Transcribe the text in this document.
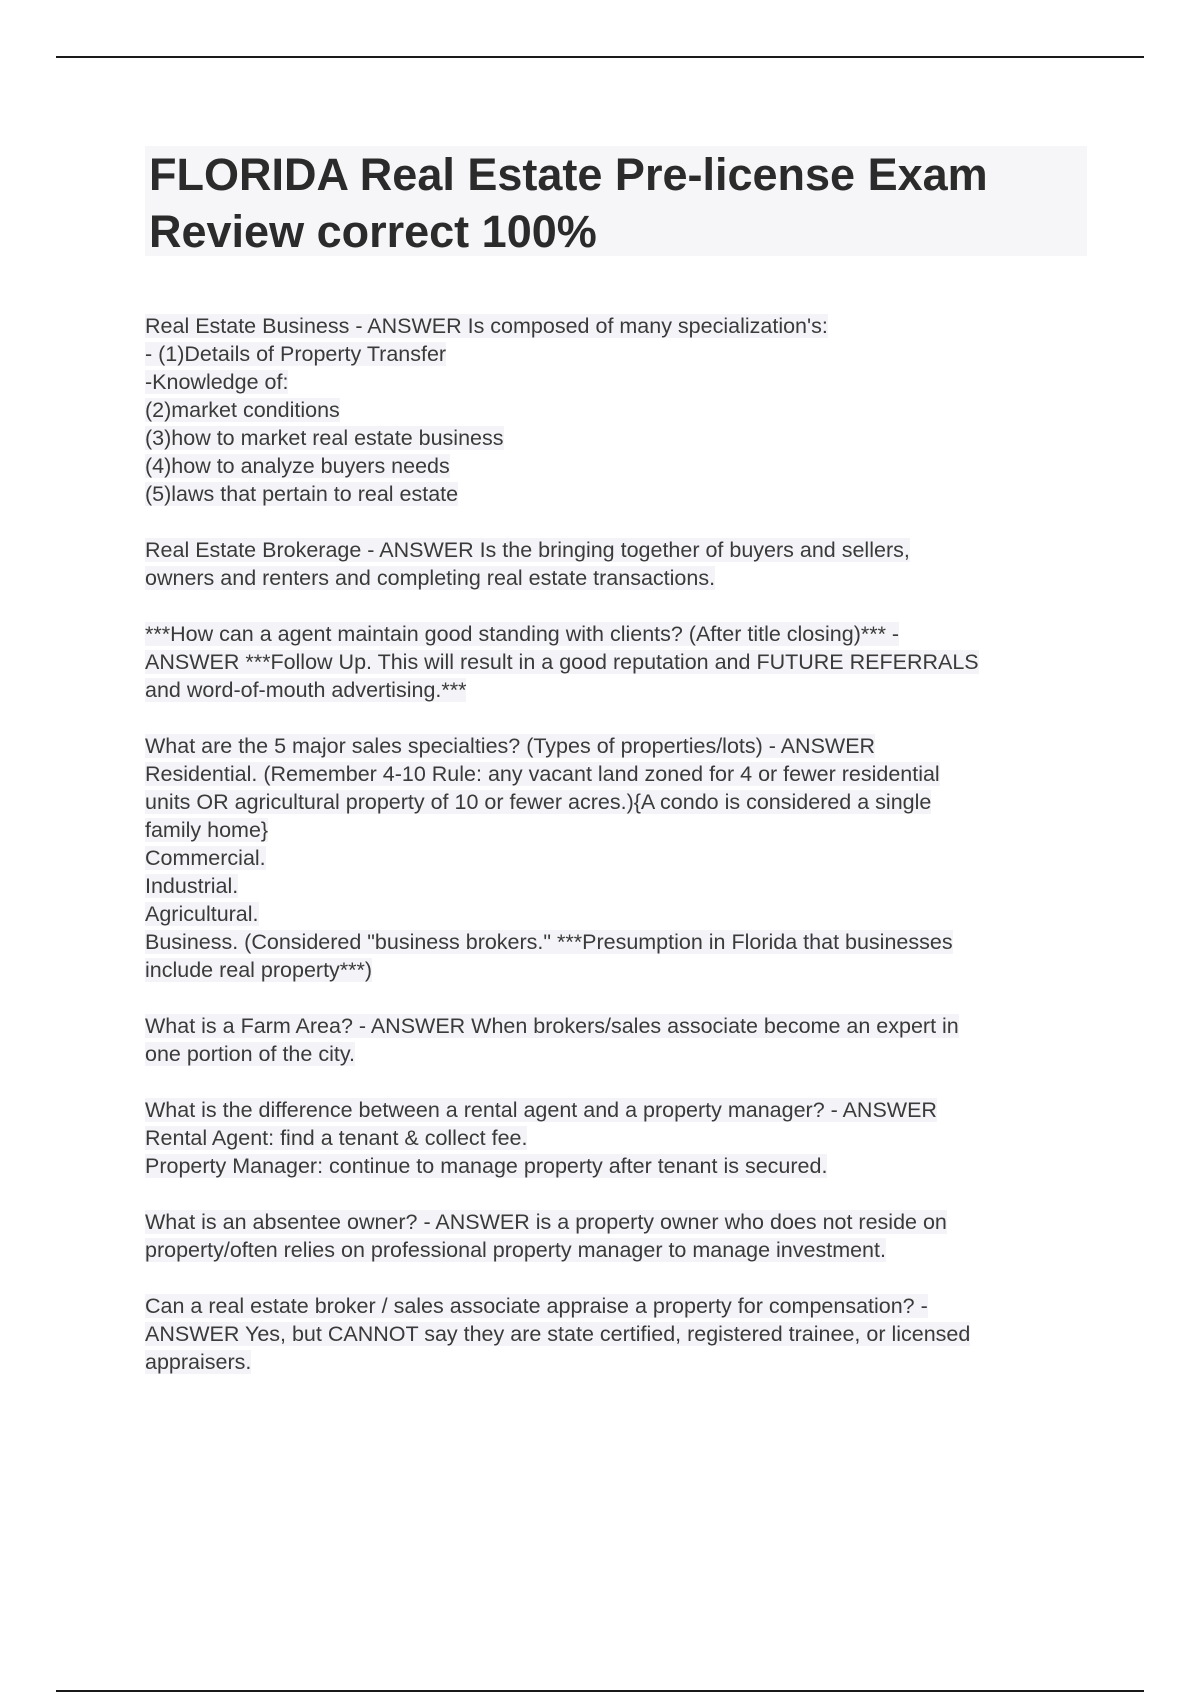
FLORIDA Real Estate Pre-license Exam
Review correct 100%
Real Estate Business - ANSWER Is composed of many specialization's:
- (1)Details of Property Transfer
-Knowledge of:
(2)market conditions
(3)how to market real estate business
(4)how to analyze buyers needs
(5)laws that pertain to real estate
Real Estate Brokerage - ANSWER Is the bringing together of buyers and sellers,
owners and renters and completing real estate transactions.
***How can a agent maintain good standing with clients? (After title closing)*** -
ANSWER ***Follow Up. This will result in a good reputation and FUTURE REFERRALS
and word-of-mouth advertising.***
What are the 5 major sales specialties? (Types of properties/lots) - ANSWER
Residential. (Remember 4-10 Rule: any vacant land zoned for 4 or fewer residential
units OR agricultural property of 10 or fewer acres.){A condo is considered a single
family home}
Commercial.
Industrial.
Agricultural.
Business. (Considered "business brokers." ***Presumption in Florida that businesses
include real property***)
What is a Farm Area? - ANSWER When brokers/sales associate become an expert in
one portion of the city.
What is the difference between a rental agent and a property manager? - ANSWER
Rental Agent: find a tenant & collect fee.
Property Manager: continue to manage property after tenant is secured.
What is an absentee owner? - ANSWER is a property owner who does not reside on
property/often relies on professional property manager to manage investment.
Can a real estate broker / sales associate appraise a property for compensation? -
ANSWER Yes, but CANNOT say they are state certified, registered trainee, or licensed
appraisers.
